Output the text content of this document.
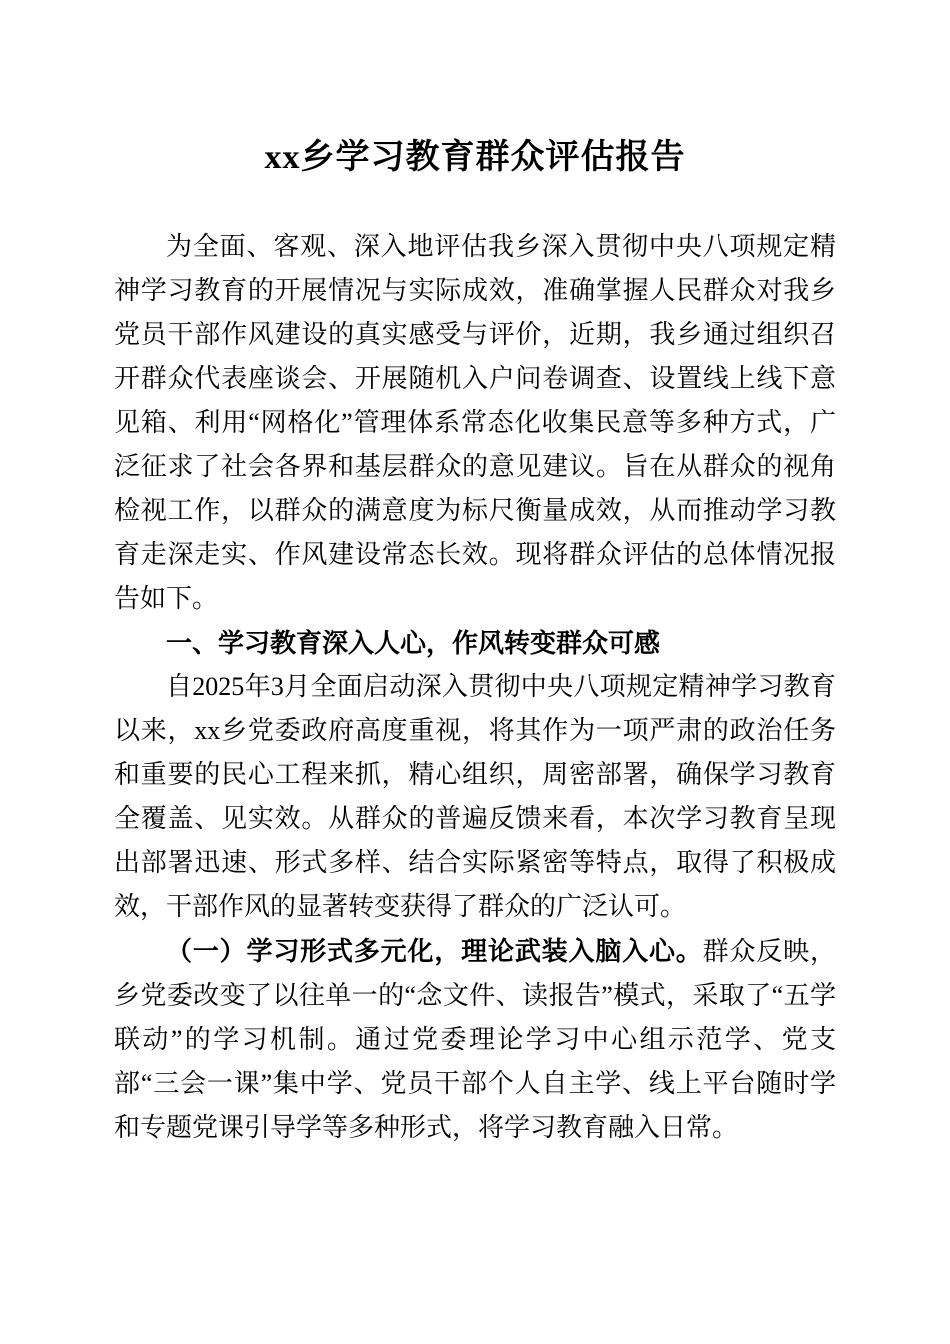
xx乡学习教育群众评估报告

为全面、客观、深入地评估我乡深入贯彻中央八项规定精神学习教育的开展情况与实际成效，准确掌握人民群众对我乡党员干部作风建设的真实感受与评价，近期，我乡通过组织召开群众代表座谈会、开展随机入户问卷调查、设置线上线下意见箱、利用“网格化”管理体系常态化收集民意等多种方式，广泛征求了社会各界和基层群众的意见建议。旨在从群众的视角检视工作，以群众的满意度为标尺衡量成效，从而推动学习教育走深走实、作风建设常态长效。现将群众评估的总体情况报告如下。

一、学习教育深入人心，作风转变群众可感

自2025年3月全面启动深入贯彻中央八项规定精神学习教育以来，xx乡党委政府高度重视，将其作为一项严肃的政治任务和重要的民心工程来抓，精心组织，周密部署，确保学习教育全覆盖、见实效。从群众的普遍反馈来看，本次学习教育呈现出部署迅速、形式多样、结合实际紧密等特点，取得了积极成效，干部作风的显著转变获得了群众的广泛认可。

（一）学习形式多元化，理论武装入脑入心。群众反映，乡党委改变了以往单一的“念文件、读报告”模式，采取了“五学联动”的学习机制。通过党委理论学习中心组示范学、党支部“三会一课”集中学、党员干部个人自主学、线上平台随时学和专题党课引导学等多种形式，将学习教育融入日常。
